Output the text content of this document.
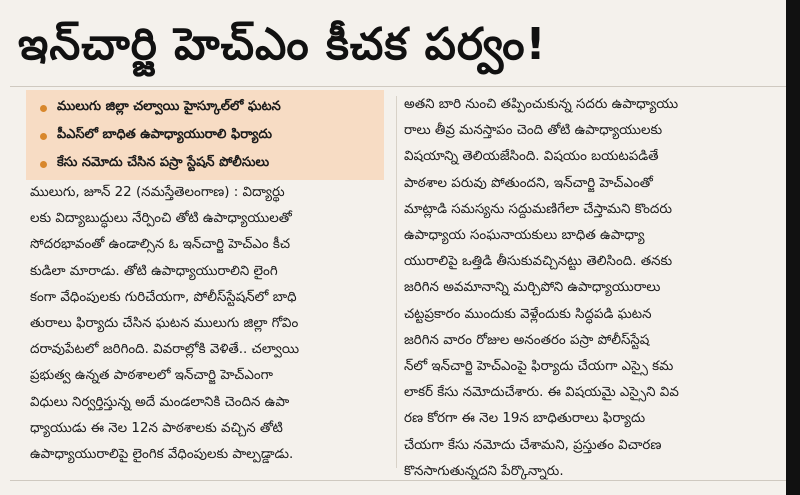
ఇన్‌చార్జి హెచ్‌ఎం కీచక పర్వం!
ములుగు జిల్లా చల్వాయి హైస్కూల్‌లో ఘటన
పీఎస్‌లో బాధిత ఉపాధ్యాయురాలి ఫిర్యాదు
కేసు నమోదు చేసిన పస్రా స్టేషన్ పోలీసులు
ములుగు, జూన్ 22 (నమస్తేతెలంగాణ) : విద్యార్థు
లకు విద్యాబుద్ధులు నేర్పించి తోటి ఉపాధ్యాయులతో
సోదరభావంతో ఉండాల్సిన ఓ ఇన్‌చార్జి హెచ్‌ఎం కీచ
కుడిలా మారాడు. తోటి ఉపాధ్యాయురాలిని లైంగి
కంగా వేధింపులకు గురిచేయగా, పోలీస్‌స్టేషన్‌లో బాధి
తురాలు ఫిర్యాదు చేసిన ఘటన ములుగు జిల్లా గోవిం
దరావుపేటలో జరిగింది. వివరాల్లోకి వెళితే.. చల్వాయి
ప్రభుత్వ ఉన్నత పాఠశాలలో ఇన్‌చార్జి హెచ్‌ఎంగా
విధులు నిర్వర్తిస్తున్న అదే మండలానికి చెందిన ఉపా
ధ్యాయుడు ఈ నెల 12న పాఠశాలకు వచ్చిన తోటి
ఉపాధ్యాయురాలిపై లైంగిక వేధింపులకు పాల్పడ్డాడు.
అతని బారి నుంచి తప్పించుకున్న సదరు ఉపాధ్యాయు
రాలు తీవ్ర మనస్తాపం చెంది తోటి ఉపాధ్యాయులకు
విషయాన్ని తెలియజేసింది. విషయం బయటపడితే
పాఠశాల పరువు పోతుందని, ఇన్‌చార్జి హెచ్‌ఎంతో
మాట్లాడి సమస్యను సద్దుమణిగేలా చేస్తామని కొందరు
ఉపాధ్యాయ సంఘనాయకులు బాధిత ఉపాధ్యా
యురాలిపై ఒత్తిడి తీసుకువచ్చినట్టు తెలిసింది. తనకు
జరిగిన అవమానాన్ని మర్చిపోని ఉపాధ్యాయురాలు
చట్టప్రకారం ముందుకు వెళ్లేందుకు సిద్ధపడి ఘటన
జరిగిన వారం రోజుల అనంతరం పస్రా పోలీస్‌స్టేష
న్‌లో ఇన్‌చార్జి హెచ్‌ఎంపై ఫిర్యాదు చేయగా ఎస్సై కమ
లాకర్ కేసు నమోదుచేశారు. ఈ విషయమై ఎస్సైని వివ
రణ కోరగా ఈ నెల 19న బాధితురాలు ఫిర్యాదు
చేయగా కేసు నమోదు చేశామని, ప్రస్తుతం విచారణ
కొనసాగుతున్నదని పేర్కొన్నారు.
